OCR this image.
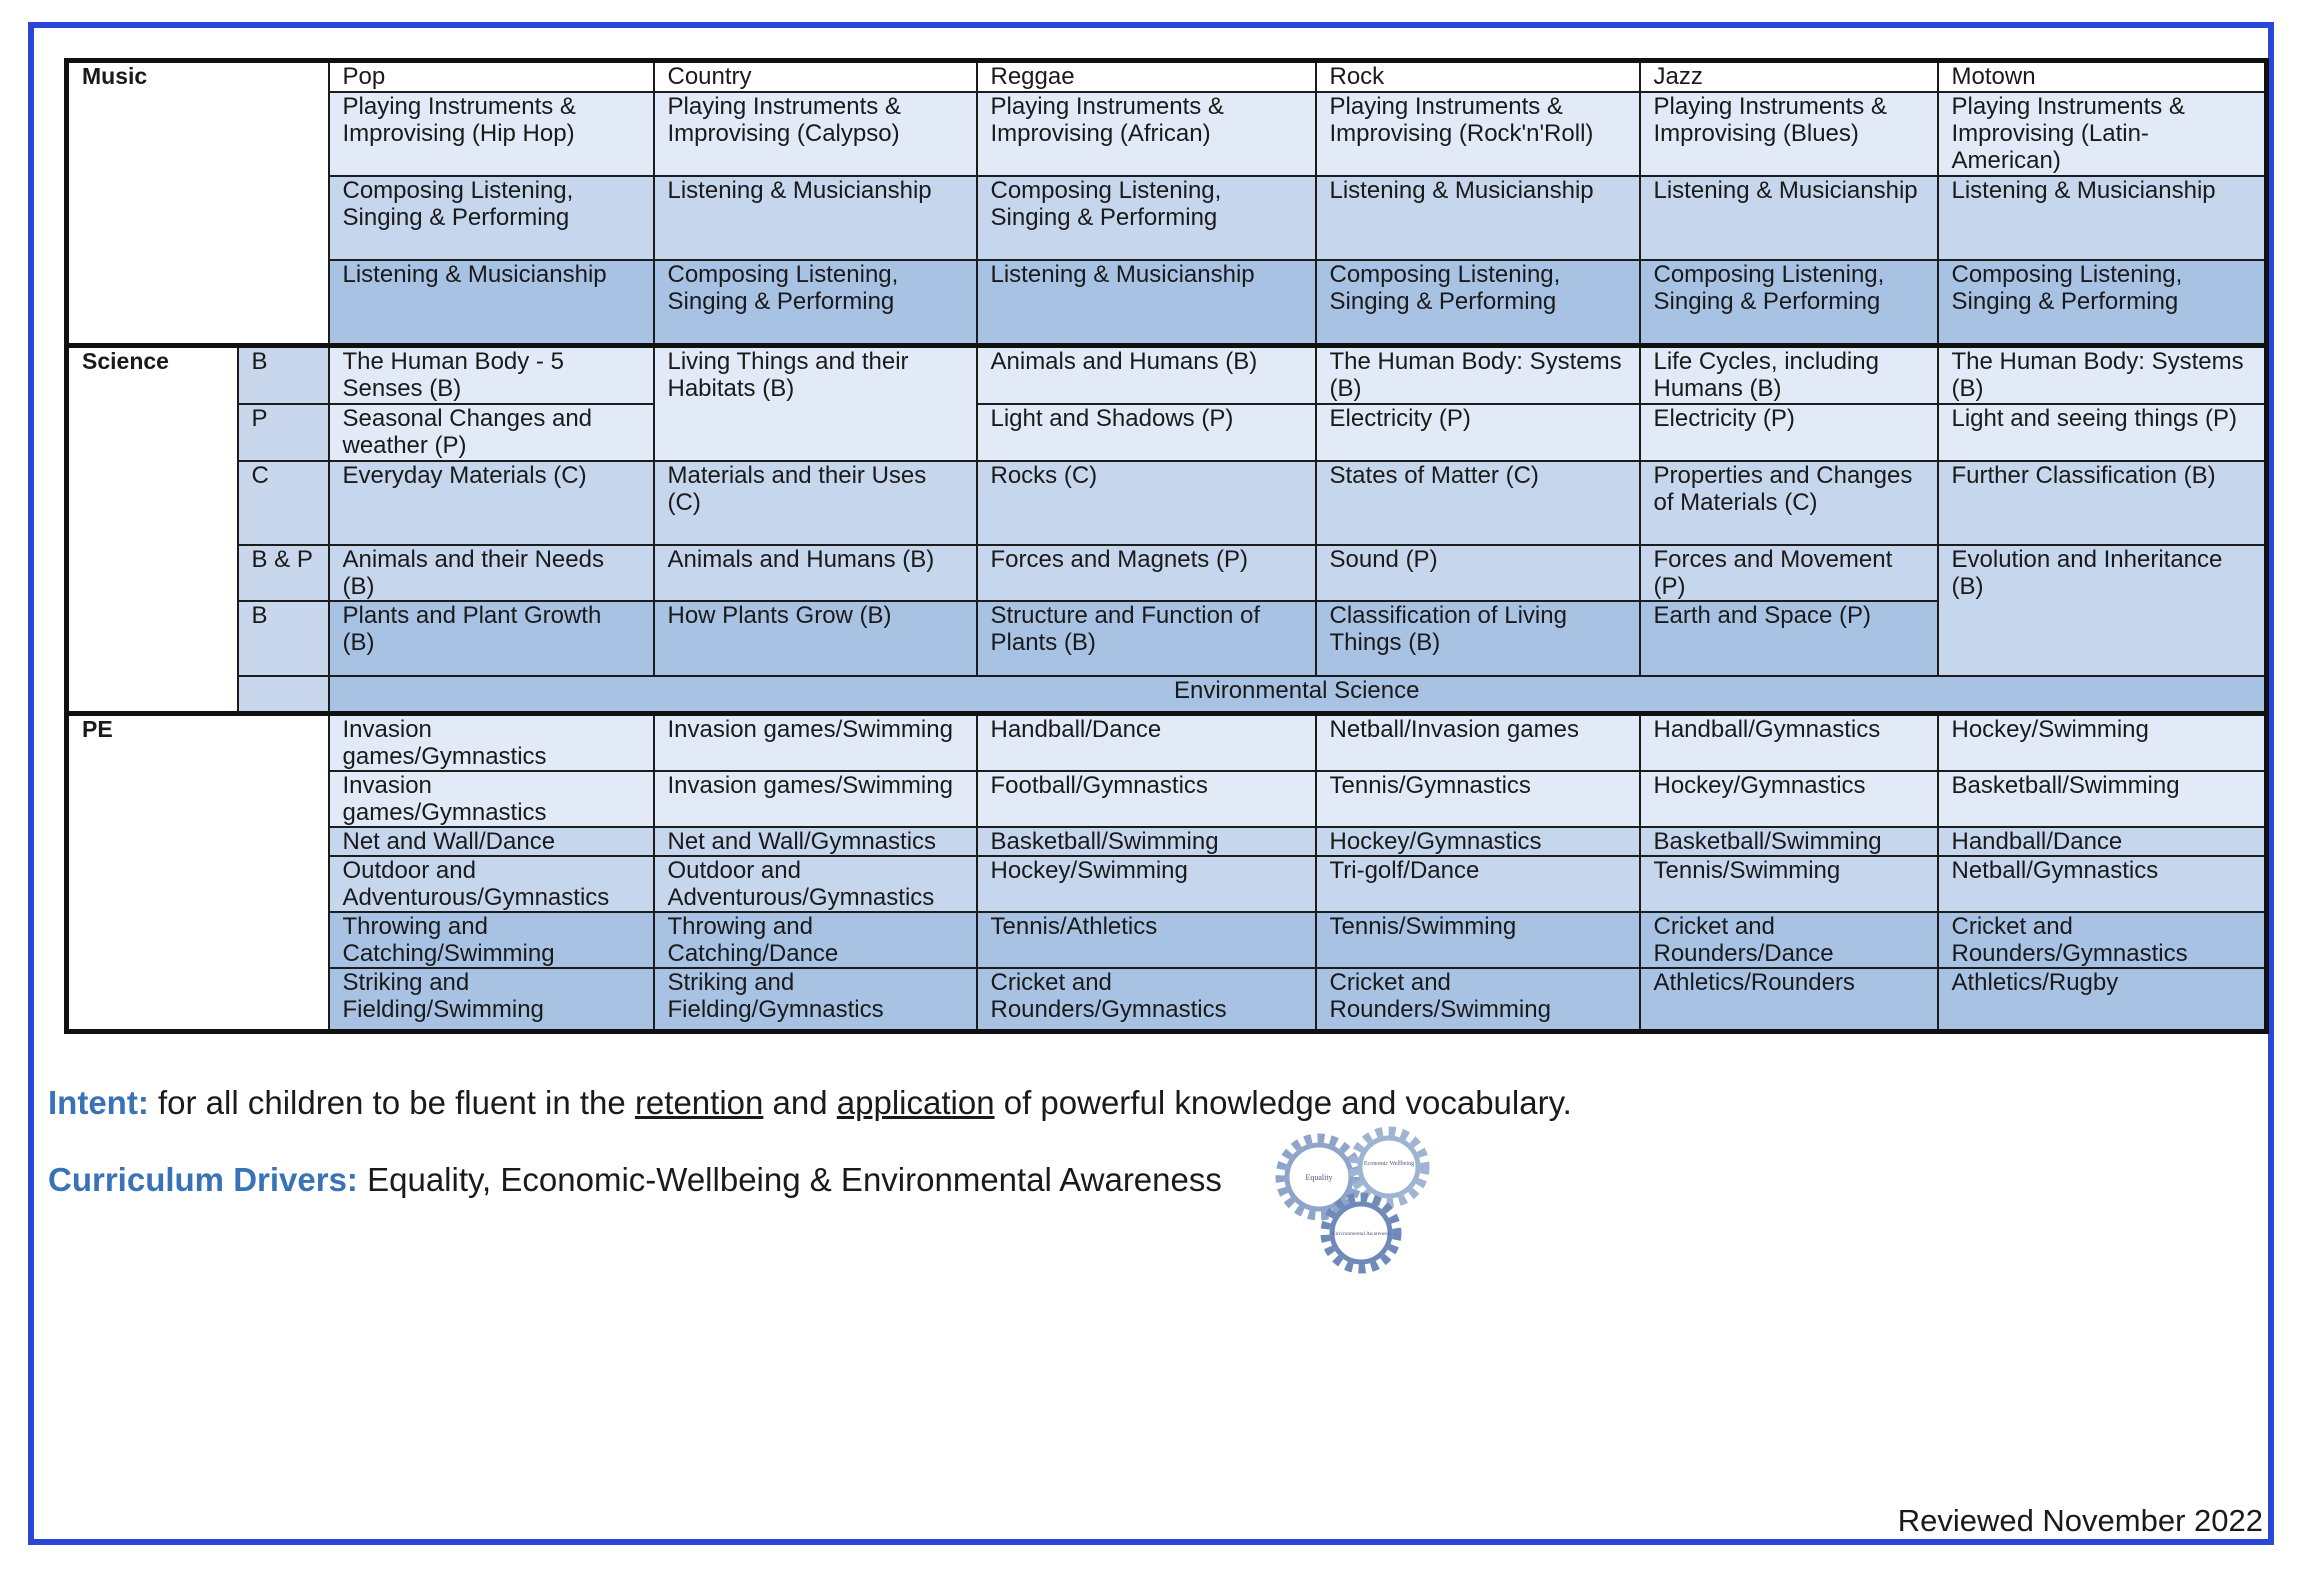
Music		Pop	Country	Reggae	Rock	Jazz	Motown
		Playing Instruments & Improvising (Hip Hop)	Playing Instruments & Improvising (Calypso)	Playing Instruments & Improvising (African)	Playing Instruments & Improvising (Rock'n'Roll)	Playing Instruments & Improvising (Blues)	Playing Instruments & Improvising (Latin-American)
		Composing Listening, Singing & Performing	Listening & Musicianship	Composing Listening, Singing & Performing	Listening & Musicianship	Listening & Musicianship	Listening & Musicianship
		Listening & Musicianship	Composing Listening, Singing & Performing	Listening & Musicianship	Composing Listening, Singing & Performing	Composing Listening, Singing & Performing	Composing Listening, Singing & Performing
Science	B	The Human Body - 5 Senses (B)	Living Things and their Habitats (B)	Animals and Humans (B)	The Human Body: Systems (B)	Life Cycles, including Humans (B)	The Human Body: Systems (B)
	P	Seasonal Changes and weather (P)		Light and Shadows (P)	Electricity (P)	Electricity (P)	Light and seeing things (P)
	C	Everyday Materials (C)	Materials and their Uses (C)	Rocks (C)	States of Matter (C)	Properties and Changes of Materials (C)	Further Classification (B)
	B & P	Animals and their Needs (B)	Animals and Humans (B)	Forces and Magnets (P)	Sound (P)	Forces and Movement (P)	Evolution and Inheritance (B)
	B	Plants and Plant Growth (B)	How Plants Grow (B)	Structure and Function of Plants (B)	Classification of Living Things (B)	Earth and Space (P)	
		Environmental Science					
PE		Invasion games/Gymnastics	Invasion games/Swimming	Handball/Dance	Netball/Invasion games	Handball/Gymnastics	Hockey/Swimming
		Invasion games/Gymnastics	Invasion games/Swimming	Football/Gymnastics	Tennis/Gymnastics	Hockey/Gymnastics	Basketball/Swimming
		Net and Wall/Dance	Net and Wall/Gymnastics	Basketball/Swimming	Hockey/Gymnastics	Basketball/Swimming	Handball/Dance
		Outdoor and Adventurous/Gymnastics	Outdoor and Adventurous/Gymnastics	Hockey/Swimming	Tri-golf/Dance	Tennis/Swimming	Netball/Gymnastics
		Throwing and Catching/Swimming	Throwing and Catching/Dance	Tennis/Athletics	Tennis/Swimming	Cricket and Rounders/Dance	Cricket and Rounders/Gymnastics
		Striking and Fielding/Swimming	Striking and Fielding/Gymnastics	Cricket and Rounders/Gymnastics	Cricket and Rounders/Swimming	Athletics/Rounders	Athletics/Rugby
Intent: for all children to be fluent in the retention and application of powerful knowledge and vocabulary.
Curriculum Drivers: Equality, Economic-Wellbeing & Environmental Awareness	Equality
Economic Wellbeing
Environmental Awareness
Reviewed November 2022
